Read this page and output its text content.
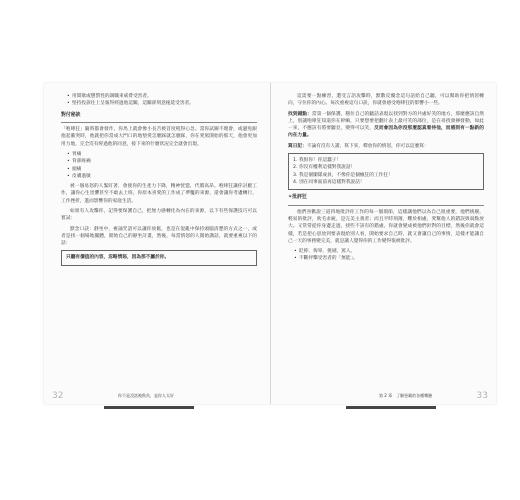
• 用間歇或懲罰性的調職來威脅受害者。
• 堅持投訴往上呈報得經過他這關，這關卻刻意拖延受害者。
對付秘訣

「咆哮狂」隨時都會發作，你馬上就會像小長舌被首度吼得心急。當你試圖不理會，或避免跟他起衝突時，他就把你當成大門口的地墊愛怎麼踩就怎麼踩，你在愛罵開始的那天，他會更加用力地，完全沒有經過他的同意，接下來的什麼狀況完全就會出現。

• 胃痛
• 背部疼痛
• 頭痛
• 皮膚過敏

被一個易怒的人緊盯著，會使你的生產力下降，精神恍惚，代價高昂。咆哮狂讓你討厭工作，讓你心生畏懼甚至不敢去上班，你原本喜愛的工作成了夢魘的來源，還會讓你考慮轉行，工作挫折，進而影響你的家庭生活。

如果有人攻擊你，記得要保護自己，把無力感轉化為內在的來源，以下有些保護技巧可以嘗試：

默念口訣：靜坐中，複誦咒語可以讓你放鬆，也是在混亂中保持頭腦清楚的方式之一，或者是找一個場地團體，開始自己的靜坐計畫，然後，每當情怒的人開始講話，就要重複以下的話：

只聽有價值的內容，忽略情怒，因為那不屬於你。

這需要一點練習，遭受言語攻擊時，默數反覆念這句話給自己聽，可以幫助你把情怒轉向，守住你的內心。每次重複這句口訣，你就會感受咆哮狂的影響小一些。

找到錯點：當第一個保護，穩住自己的聽話表現以找到對方的共處好笑的地方，那麼應該自然上，別讓咆哮狂知道你在幹嘛，只要想要把翻片表上最可笑的部位，是在尋找發揮發動，如此一來，不應該有將要聽見，變得可以笑，反而會因為你沒那麼認真看待他，而感到有一點新的內在力量。

寫日記：不論有沒有人讀，寫下來，釋放你的情怒，你可以這麼寫：

1. 我恨你！你這蠢子！
2. 你沒有權利這樣對我說話！
3. 我是個團隊成員，不像你是個瘋狂的工作狂！
4. 別在同事面前再這樣對我說話！
✶批評狂

他們喜歡說三道四地批評你工作的每一個環節，這樣讓他們以為自己很重要，他們挑剔，輕易的批評，吹毛求疵，是完美主義者；而且平時刻薄，難於相處，愛幫他人的錯誤與弱點放大。又常常從你身邊走過，找些不該有的錯處，你就會變成被他們針對的目標，然後你就會這樣，若是把心思放到要表現給別人看、開始要求自己時，就又會讓自己的事情，這樣才能讓自己一天的事務變完美，就是讓人覺得你的工作變得很被批評。

• 貶抑、侮辱、挑剔、罵人。
• 不斷抨擊受害者的「無能」。
32	你不是沒話被欺負，是你人太好	第 2 章　了解惡霸的各種嘴臉	33
